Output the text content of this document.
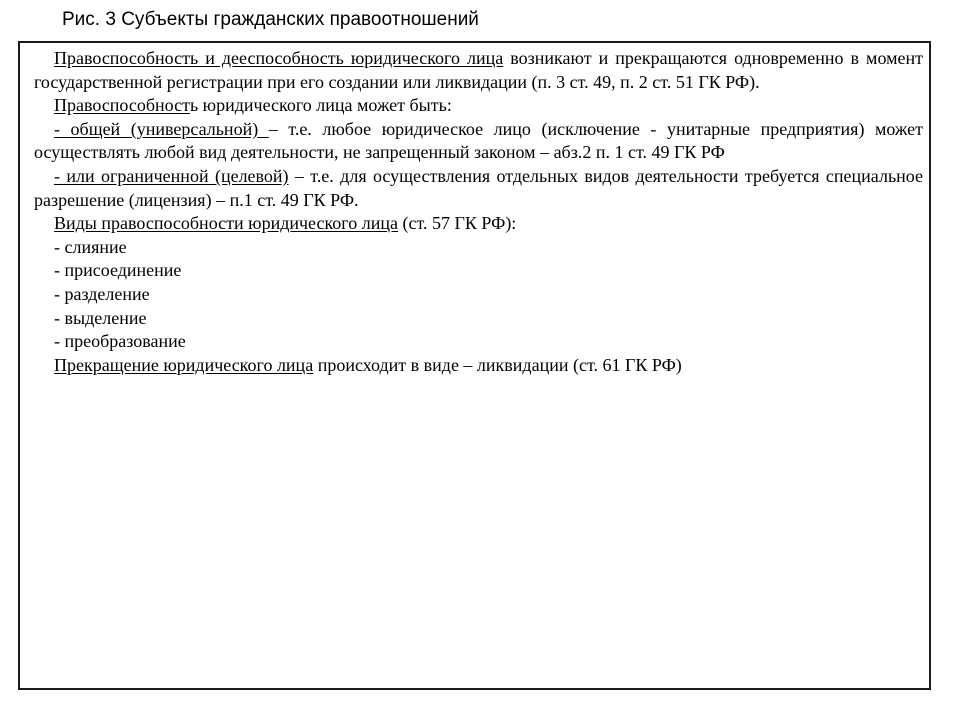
Рис. 3 Субъекты гражданских правоотношений

Правоспособность и дееспособность юридического лица возникают и прекращаются одновременно в момент государственной регистрации при его создании или ликвидации (п. 3 ст. 49, п. 2 ст. 51 ГК РФ).

Правоспособность юридического лица может быть:

- общей (универсальной) – т.е. любое юридическое лицо (исключение - унитарные предприятия) может осуществлять любой вид деятельности, не запрещенный законом – абз.2 п. 1 ст. 49 ГК РФ

- или ограниченной (целевой) – т.е. для осуществления отдельных видов деятельности требуется специальное разрешение (лицензия) – п.1 ст. 49 ГК РФ.

Виды правоспособности юридического лица (ст. 57 ГК РФ):

- слияние

- присоединение

- разделение

- выделение

- преобразование

Прекращение юридического лица происходит в виде – ликвидации (ст. 61 ГК РФ)
